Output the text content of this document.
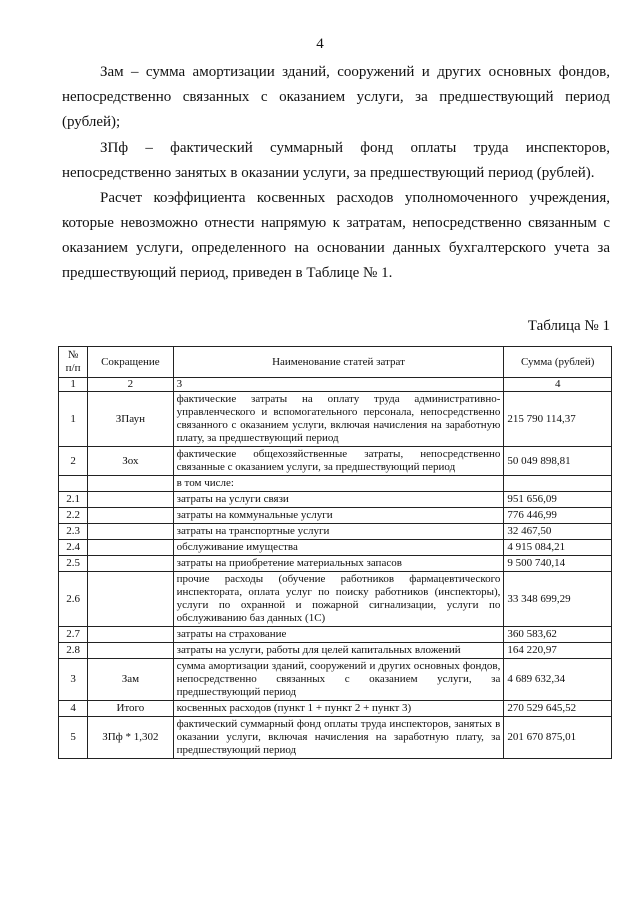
4

Зам – сумма амортизации зданий, сооружений и других основных фондов, непосредственно связанных с оказанием услуги, за предшествующий период (рублей);

ЗПф – фактический суммарный фонд оплаты труда инспекторов, непосредственно занятых в оказании услуги, за предшествующий период (рублей).

Расчет коэффициента косвенных расходов уполномоченного учреждения, которые невозможно отнести напрямую к затратам, непосредственно связанным с оказанием услуги, определенного на основании данных бухгалтерского учета за предшествующий период, приведен в Таблице № 1.

Таблица № 1
№ п/п	Сокращение	Наименование статей затрат	Сумма (рублей)
1	2	3	4
1	ЗПаун	фактические затраты на оплату труда административно-управленческого и вспомогательного персонала, непосредственно связанного с оказанием услуги, включая начисления на заработную плату, за предшествующий период	215 790 114,37
2	Зох	фактические общехозяйственные затраты, непосредственно связанные с оказанием услуги, за предшествующий период	50 049 898,81
		в том числе:	
2.1		затраты на услуги связи	951 656,09
2.2		затраты на коммунальные услуги	776 446,99
2.3		затраты на транспортные услуги	32 467,50
2.4		обслуживание имущества	4 915 084,21
2.5		затраты на приобретение материальных запасов	9 500 740,14
2.6		прочие расходы (обучение работников фармацевтического инспектората, оплата услуг по поиску работников (инспекторы), услуги по охранной и пожарной сигнализации, услуги по обслуживанию баз данных (1С)	33 348 699,29
2.7		затраты на страхование	360 583,62
2.8		затраты на услуги, работы для целей капитальных вложений	164 220,97
3	Зам	сумма амортизации зданий, сооружений и других основных фондов, непосредственно связанных с оказанием услуги, за предшествующий период	4 689 632,34
4	Итого	косвенных расходов (пункт 1 + пункт 2 + пункт 3)	270 529 645,52
5	ЗПф * 1,302	фактический суммарный фонд оплаты труда инспекторов, занятых в оказании услуги, включая начисления на заработную плату, за предшествующий период	201 670 875,01
